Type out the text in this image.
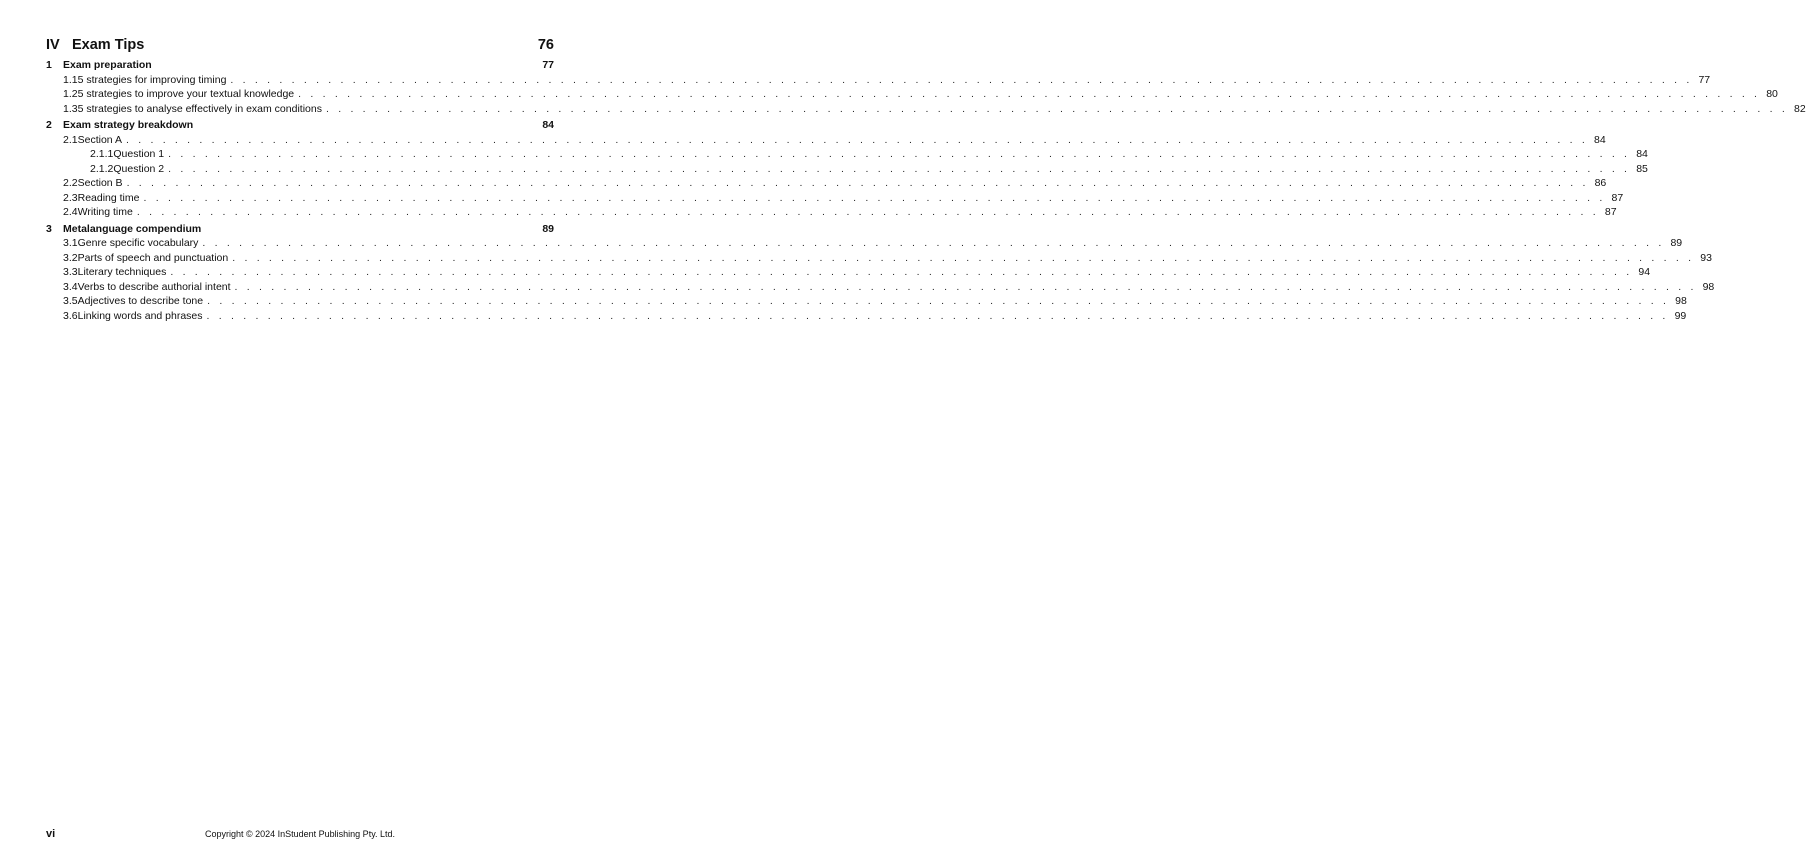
IV Exam Tips	76
1	Exam preparation	77
1.1 5 strategies for improving timing . . . . . . . . . . . . . . . . . . . . . . . . . . . . . . . . . . . . . . . . . . . . . . . . . . . . . . . . . . . . . . . . . . . . . . . . . . . . . . . . . . . . . . . . . . . . . . . . . . . . . . . . . . . . . . . . . . . . . . . . 77
1.2 5 strategies to improve your textual knowledge . . . . . . . . . . . . . . . . . . . . . . . . . . . . . . . . . . . . . . . . . . . . . . . . . . . . . . . . . . . . . . . . . . . . . . . . . . . . . . . . . . . . . . . . . . . . . . . . . . . . . . . . . . . . . . . . . . . . . . . . 80
1.3 5 strategies to analyse effectively in exam conditions . . . . . . . . . . . . . . . . . . . . . . . . . . . . . . . . . . . . . . . . . . . . . . . . . . . . . . . . . . . . . . . . . . . . . . . . . . . . . . . . . . . . . . . . . . . . . . . . . . . . . . . . . . . . . . . . . . . . . . . . 82
2	Exam strategy breakdown	84
2.1 Section A . . . . . . . . . . . . . . . . . . . . . . . . . . . . . . . . . . . . . . . . . . . . . . . . . . . . . . . . . . . . . . . . . . . . . . . . . . . . . . . . . . . . . . . . . . . . . . . . . . . . . . . . . . . . . . . . . . . . . . . . 84
2.1.1 Question 1 . . . . . . . . . . . . . . . . . . . . . . . . . . . . . . . . . . . . . . . . . . . . . . . . . . . . . . . . . . . . . . . . . . . . . . . . . . . . . . . . . . . . . . . . . . . . . . . . . . . . . . . . . . . . . . . . . . . . . . . . 84
2.1.2 Question 2 . . . . . . . . . . . . . . . . . . . . . . . . . . . . . . . . . . . . . . . . . . . . . . . . . . . . . . . . . . . . . . . . . . . . . . . . . . . . . . . . . . . . . . . . . . . . . . . . . . . . . . . . . . . . . . . . . . . . . . . . 85
2.2 Section B . . . . . . . . . . . . . . . . . . . . . . . . . . . . . . . . . . . . . . . . . . . . . . . . . . . . . . . . . . . . . . . . . . . . . . . . . . . . . . . . . . . . . . . . . . . . . . . . . . . . . . . . . . . . . . . . . . . . . . . . 86
2.3 Reading time . . . . . . . . . . . . . . . . . . . . . . . . . . . . . . . . . . . . . . . . . . . . . . . . . . . . . . . . . . . . . . . . . . . . . . . . . . . . . . . . . . . . . . . . . . . . . . . . . . . . . . . . . . . . . . . . . . . . . . . . 87
2.4 Writing time . . . . . . . . . . . . . . . . . . . . . . . . . . . . . . . . . . . . . . . . . . . . . . . . . . . . . . . . . . . . . . . . . . . . . . . . . . . . . . . . . . . . . . . . . . . . . . . . . . . . . . . . . . . . . . . . . . . . . . . . 87
3	Metalanguage compendium	89
3.1 Genre specific vocabulary . . . . . . . . . . . . . . . . . . . . . . . . . . . . . . . . . . . . . . . . . . . . . . . . . . . . . . . . . . . . . . . . . . . . . . . . . . . . . . . . . . . . . . . . . . . . . . . . . . . . . . . . . . . . . . . . . . . . . . . . 89
3.2 Parts of speech and punctuation . . . . . . . . . . . . . . . . . . . . . . . . . . . . . . . . . . . . . . . . . . . . . . . . . . . . . . . . . . . . . . . . . . . . . . . . . . . . . . . . . . . . . . . . . . . . . . . . . . . . . . . . . . . . . . . . . . . . . . . . 93
3.3 Literary techniques . . . . . . . . . . . . . . . . . . . . . . . . . . . . . . . . . . . . . . . . . . . . . . . . . . . . . . . . . . . . . . . . . . . . . . . . . . . . . . . . . . . . . . . . . . . . . . . . . . . . . . . . . . . . . . . . . . . . . . . . 94
3.4 Verbs to describe authorial intent . . . . . . . . . . . . . . . . . . . . . . . . . . . . . . . . . . . . . . . . . . . . . . . . . . . . . . . . . . . . . . . . . . . . . . . . . . . . . . . . . . . . . . . . . . . . . . . . . . . . . . . . . . . . . . . . . . . . . . . . 98
3.5 Adjectives to describe tone . . . . . . . . . . . . . . . . . . . . . . . . . . . . . . . . . . . . . . . . . . . . . . . . . . . . . . . . . . . . . . . . . . . . . . . . . . . . . . . . . . . . . . . . . . . . . . . . . . . . . . . . . . . . . . . . . . . . . . . . 98
3.6 Linking words and phrases . . . . . . . . . . . . . . . . . . . . . . . . . . . . . . . . . . . . . . . . . . . . . . . . . . . . . . . . . . . . . . . . . . . . . . . . . . . . . . . . . . . . . . . . . . . . . . . . . . . . . . . . . . . . . . . . . . . . . . . . 99
vi	Copyright © 2024 InStudent Publishing Pty. Ltd.
